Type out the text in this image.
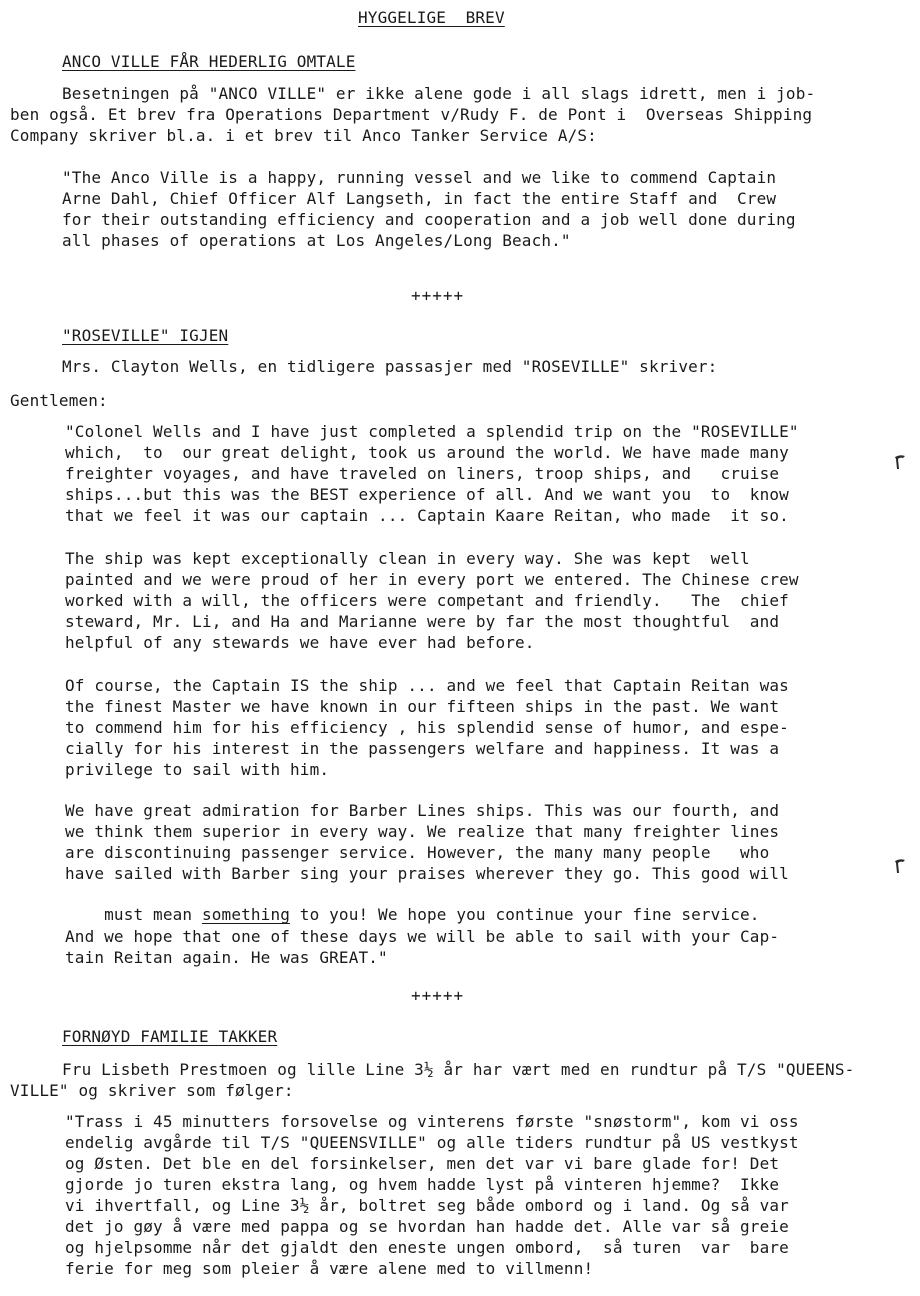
HYGGELIGE  BREV
ANCO VILLE FÅR HEDERLIG OMTALE
Besetningen på "ANCO VILLE" er ikke alene gode i all slags idrett, men i job-
ben også. Et brev fra Operations Department v/Rudy F. de Pont i  Overseas Shipping
Company skriver bl.a. i et brev til Anco Tanker Service A/S:
"The Anco Ville is a happy, running vessel and we like to commend Captain
Arne Dahl, Chief Officer Alf Langseth, in fact the entire Staff and  Crew
for their outstanding efficiency and cooperation and a job well done during
all phases of operations at Los Angeles/Long Beach."
+++++
"ROSEVILLE" IGJEN
Mrs. Clayton Wells, en tidligere passasjer med "ROSEVILLE" skriver:
Gentlemen:
"Colonel Wells and I have just completed a splendid trip on the "ROSEVILLE"
which,  to  our great delight, took us around the world. We have made many
freighter voyages, and have traveled on liners, troop ships, and   cruise
ships...but this was the BEST experience of all. And we want you  to  know
that we feel it was our captain ... Captain Kaare Reitan, who made  it so.
The ship was kept exceptionally clean in every way. She was kept  well
painted and we were proud of her in every port we entered. The Chinese crew
worked with a will, the officers were competant and friendly.   The  chief
steward, Mr. Li, and Ha and Marianne were by far the most thoughtful  and
helpful of any stewards we have ever had before.
Of course, the Captain IS the ship ... and we feel that Captain Reitan was
the finest Master we have known in our fifteen ships in the past. We want
to commend him for his efficiency , his splendid sense of humor, and espe-
cially for his interest in the passengers welfare and happiness. It was a
privilege to sail with him.
We have great admiration for Barber Lines ships. This was our fourth, and
we think them superior in every way. We realize that many freighter lines
are discontinuing passenger service. However, the many many people   who
have sailed with Barber sing your praises wherever they go. This good will

must mean something to you! We hope you continue your fine service.

And we hope that one of these days we will be able to sail with your Cap-
tain Reitan again. He was GREAT."
+++++
FORNØYD FAMILIE TAKKER
Fru Lisbeth Prestmoen og lille Line 3½ år har vært med en rundtur på T/S "QUEENS-
VILLE" og skriver som følger:
"Trass i 45 minutters forsovelse og vinterens første "snøstorm", kom vi oss
endelig avgårde til T/S "QUEENSVILLE" og alle tiders rundtur på US vestkyst
og Østen. Det ble en del forsinkelser, men det var vi bare glade for! Det
gjorde jo turen ekstra lang, og hvem hadde lyst på vinteren hjemme?  Ikke
vi ihvertfall, og Line 3½ år, boltret seg både ombord og i land. Og så var
det jo gøy å være med pappa og se hvordan han hadde det. Alle var så greie
og hjelpsomme når det gjaldt den eneste ungen ombord,  så turen  var  bare
ferie for meg som pleier å være alene med to villmenn!
